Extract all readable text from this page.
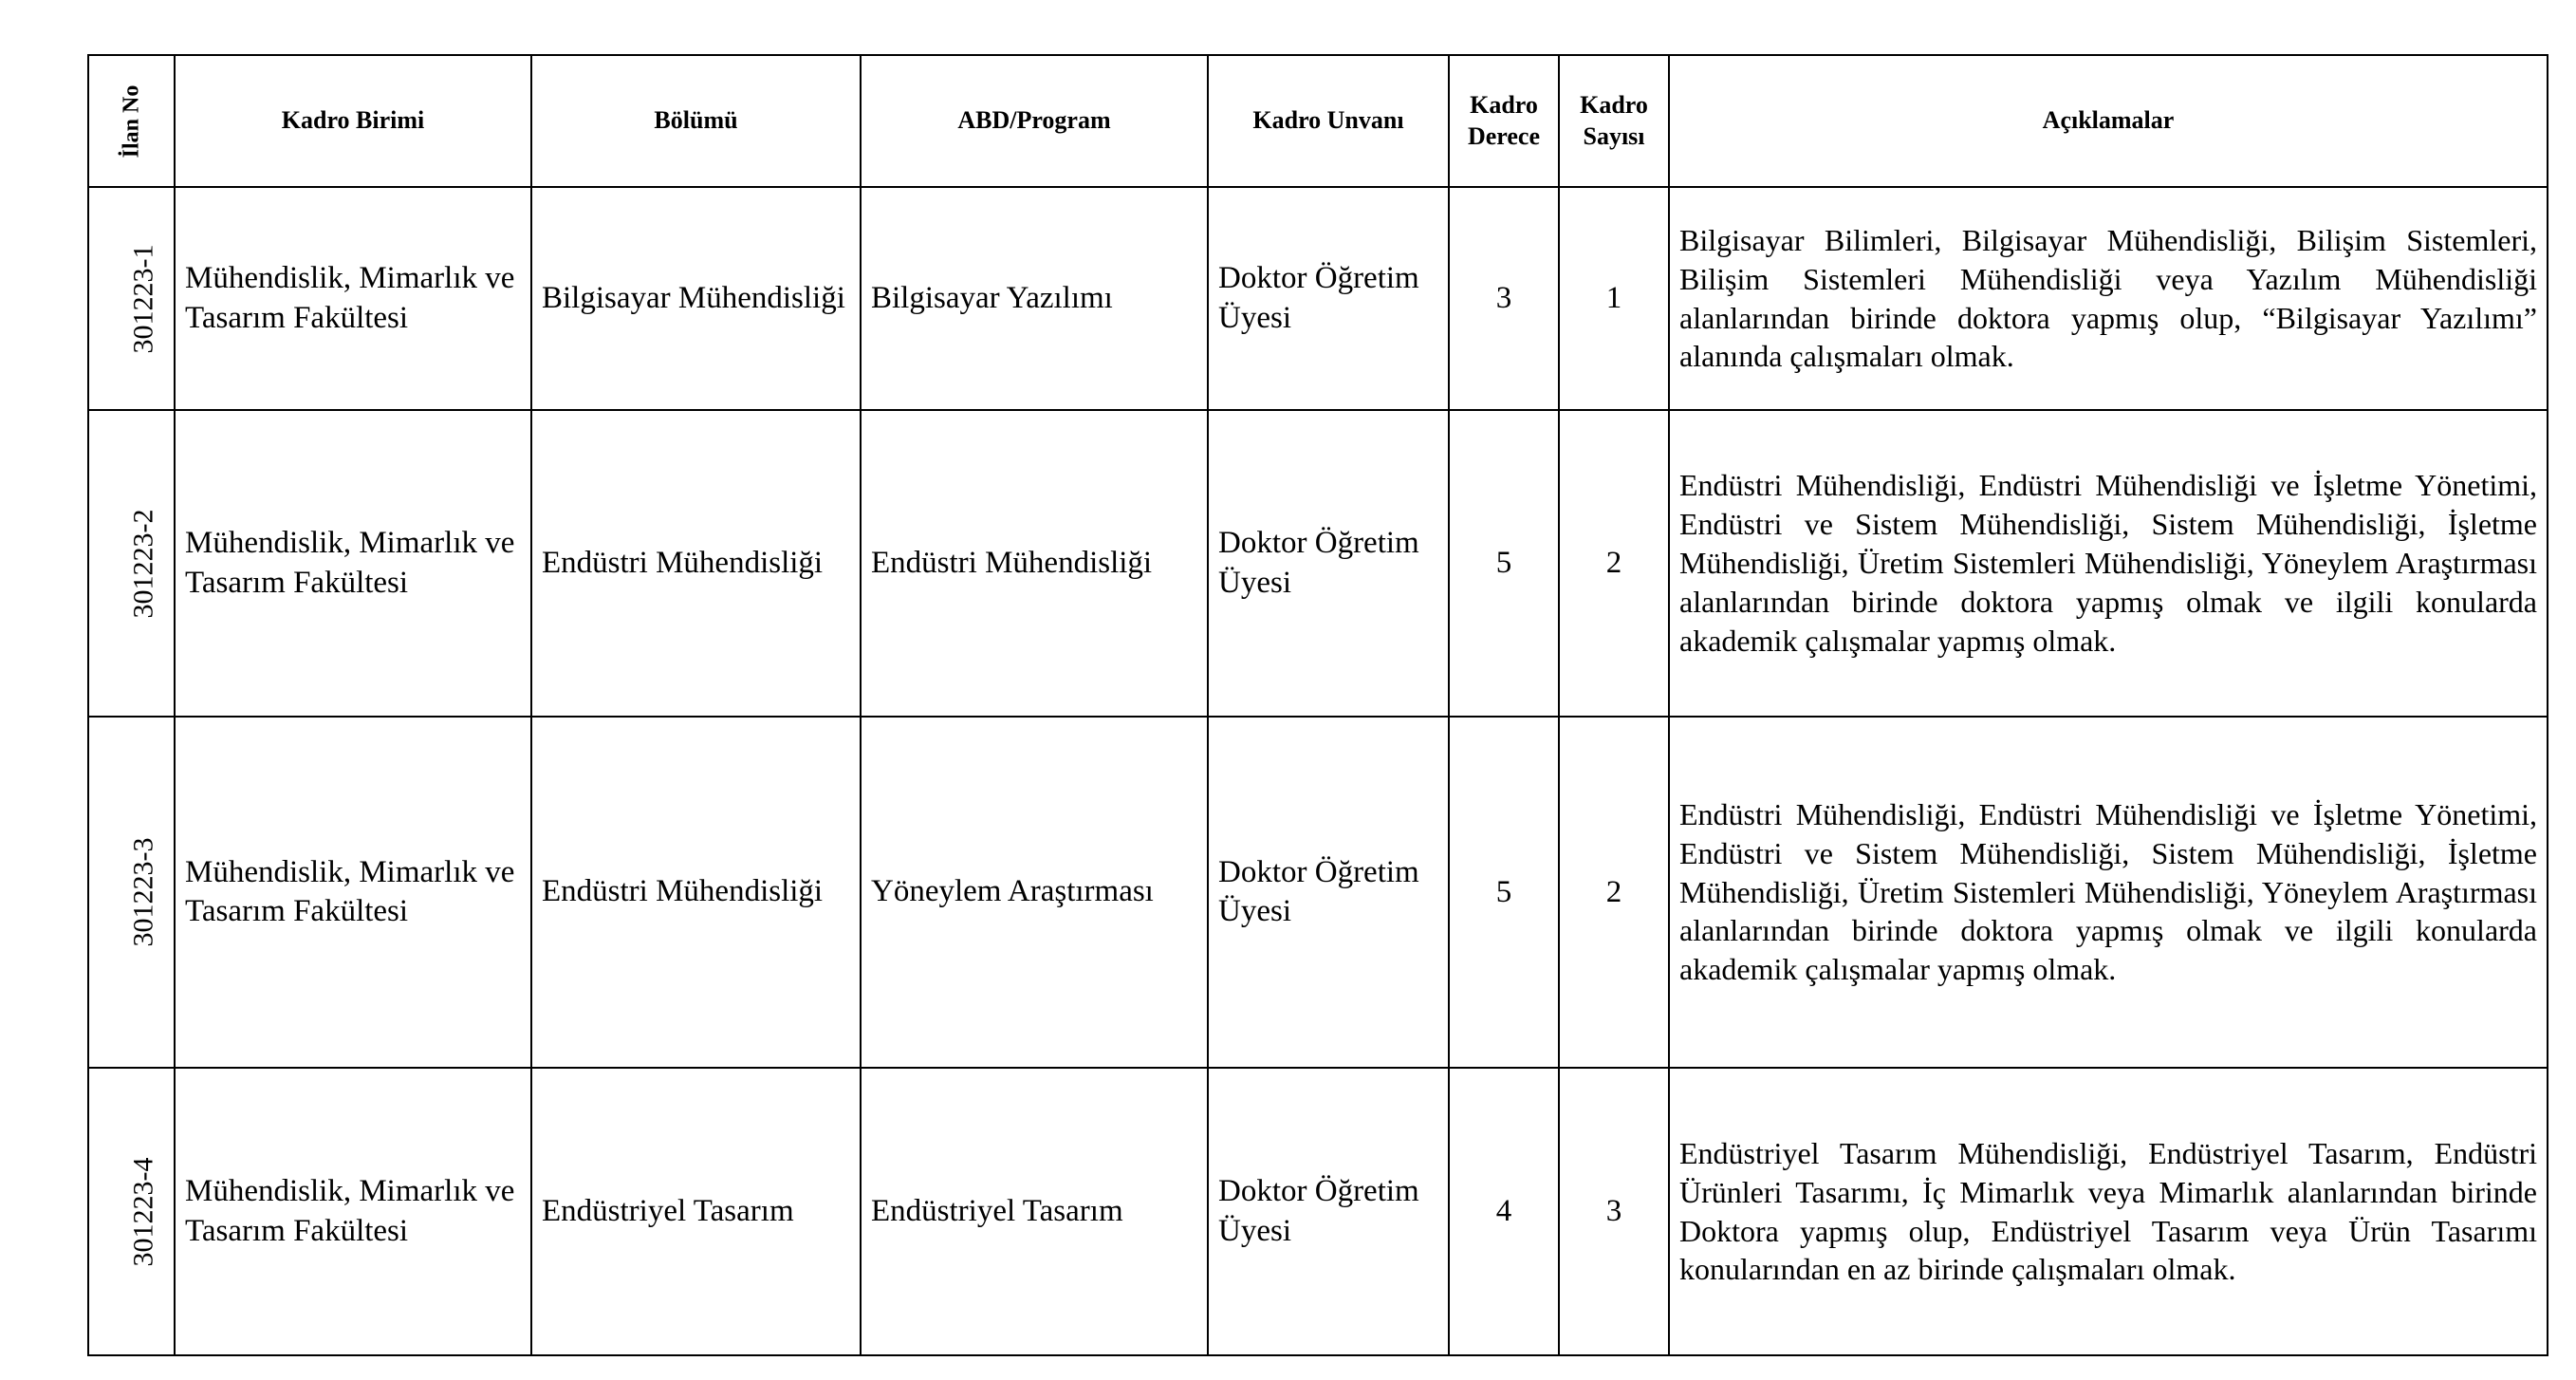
İlan No	Kadro Birimi	Bölümü	ABD/Program	Kadro Unvanı	Kadro Derece	Kadro Sayısı	Açıklamalar
301223-1	Mühendislik, Mimarlık ve Tasarım Fakültesi	Bilgisayar Mühendisliği	Bilgisayar Yazılımı	Doktor Öğretim Üyesi	3	1	Bilgisayar Bilimleri, Bilgisayar Mühendisliği, Bilişim Sistemleri, Bilişim Sistemleri Mühendisliği veya Yazılım Mühendisliği alanlarından birinde doktora yapmış olup, “Bilgisayar Yazılımı” alanında çalışmaları olmak.

301223-2	Mühendislik, Mimarlık ve Tasarım Fakültesi	Endüstri Mühendisliği	Endüstri Mühendisliği	Doktor Öğretim Üyesi	5	2	Endüstri Mühendisliği, Endüstri Mühendisliği ve İşletme Yönetimi, Endüstri ve Sistem Mühendisliği, Sistem Mühendisliği, İşletme Mühendisliği, Üretim Sistemleri Mühendisliği, Yöneylem Araştırması alanlarından birinde doktora yapmış olmak ve ilgili konularda akademik çalışmalar yapmış olmak.

301223-3	Mühendislik, Mimarlık ve Tasarım Fakültesi	Endüstri Mühendisliği	Yöneylem Araştırması	Doktor Öğretim Üyesi	5	2	Endüstri Mühendisliği, Endüstri Mühendisliği ve İşletme Yönetimi, Endüstri ve Sistem Mühendisliği, Sistem Mühendisliği, İşletme Mühendisliği, Üretim Sistemleri Mühendisliği, Yöneylem Araştırması alanlarından birinde doktora yapmış olmak ve ilgili konularda akademik çalışmalar yapmış olmak.

301223-4	Mühendislik, Mimarlık ve Tasarım Fakültesi	Endüstriyel Tasarım	Endüstriyel Tasarım	Doktor Öğretim Üyesi	4	3	Endüstriyel Tasarım Mühendisliği, Endüstriyel Tasarım, Endüstri Ürünleri Tasarımı, İç Mimarlık veya Mimarlık alanlarından birinde Doktora yapmış olup, Endüstriyel Tasarım veya Ürün Tasarımı konularından en az birinde çalışmaları olmak.
